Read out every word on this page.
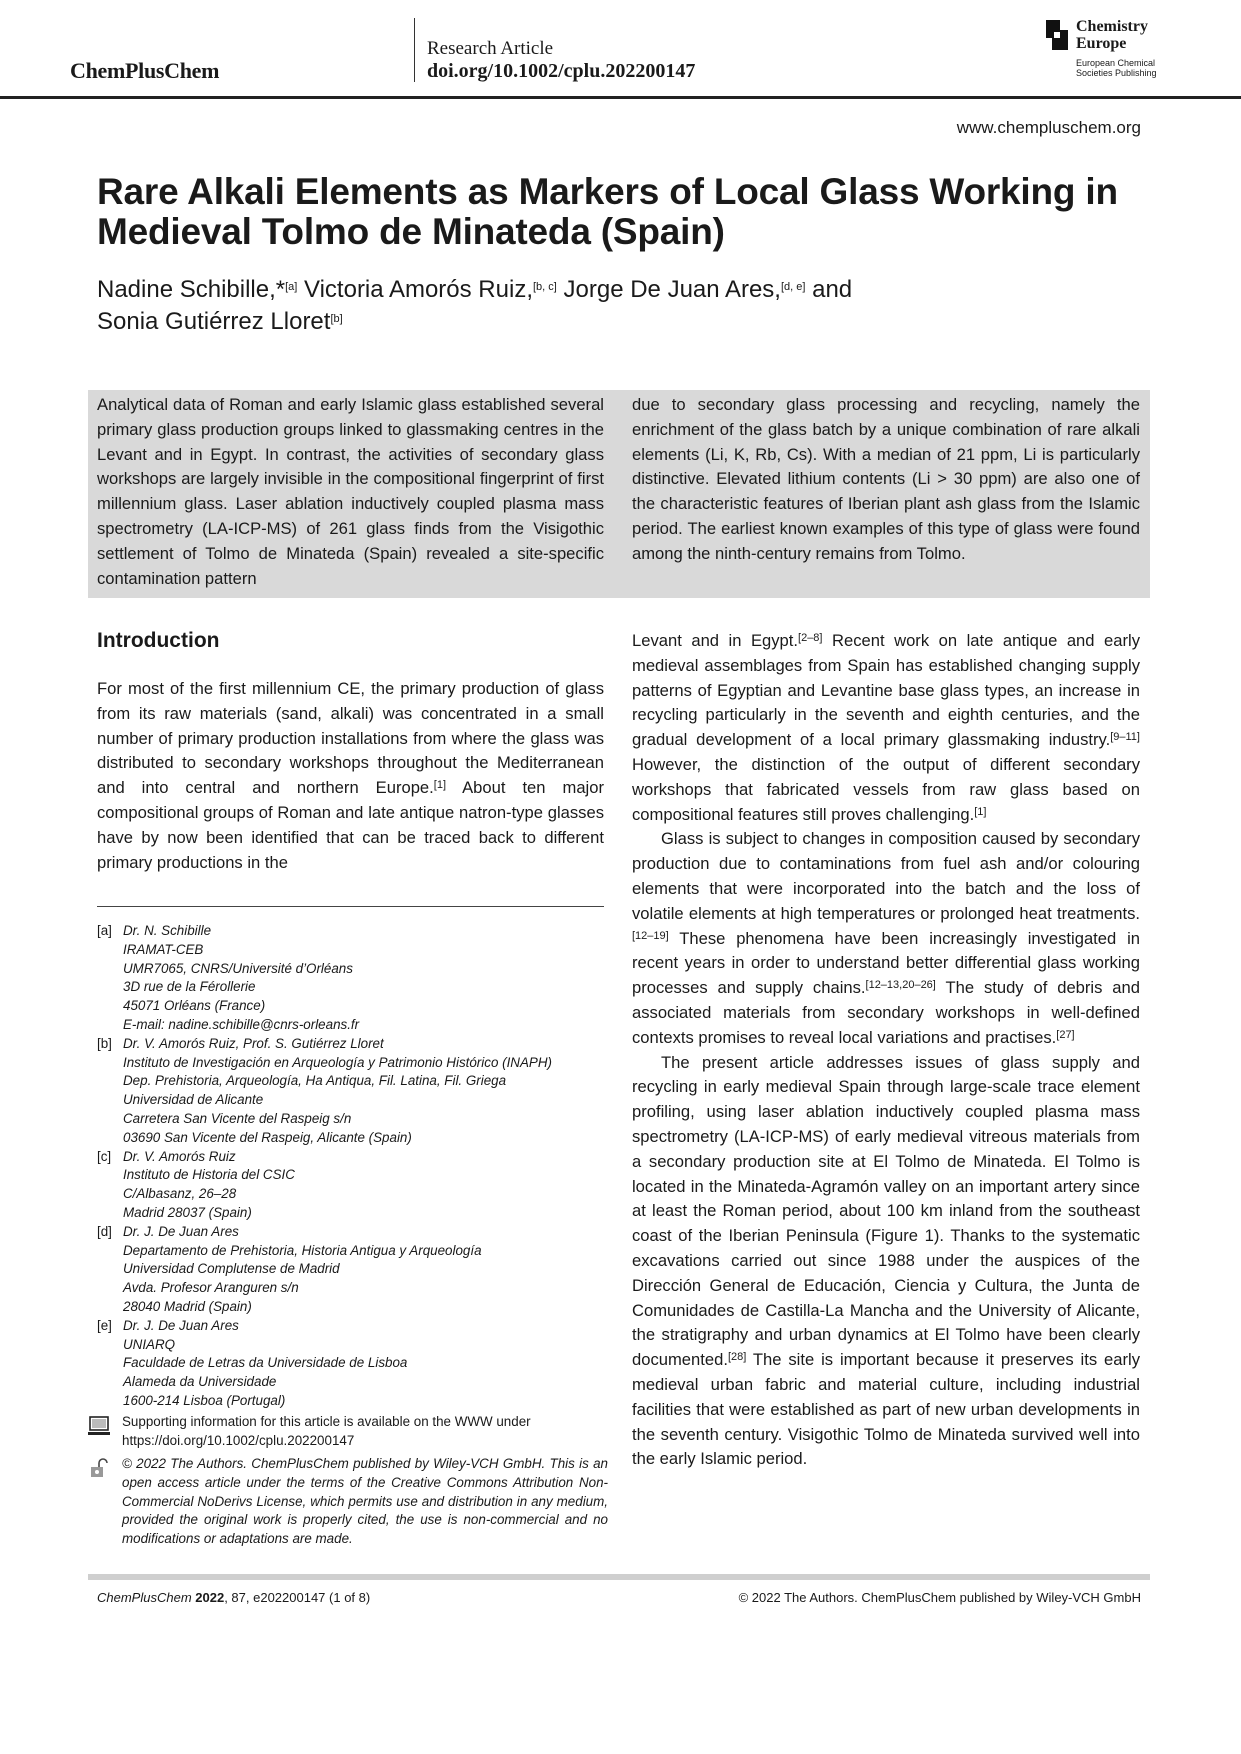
ChemPlusChem
Research Article
doi.org/10.1002/cplu.202200147
Chemistry
Europe
European Chemical
Societies Publishing
www.chempluschem.org
Rare Alkali Elements as Markers of Local Glass Working in Medieval Tolmo de Minateda (Spain)
Nadine Schibille,*[a] Victoria Amorós Ruiz,[b, c] Jorge De Juan Ares,[d, e] and
Sonia Gutiérrez Lloret[b]

Analytical data of Roman and early Islamic glass established several primary glass production groups linked to glassmaking centres in the Levant and in Egypt. In contrast, the activities of secondary glass workshops are largely invisible in the compositional fingerprint of first millennium glass. Laser ablation inductively coupled plasma mass spectrometry (LA-ICP-MS) of 261 glass finds from the Visigothic settlement of Tolmo de Minateda (Spain) revealed a site-specific contamination pattern

due to secondary glass processing and recycling, namely the enrichment of the glass batch by a unique combination of rare alkali elements (Li, K, Rb, Cs). With a median of 21 ppm, Li is particularly distinctive. Elevated lithium contents (Li > 30 ppm) are also one of the characteristic features of Iberian plant ash glass from the Islamic period. The earliest known examples of this type of glass were found among the ninth-century remains from Tolmo.

Introduction

For most of the first millennium CE, the primary production of glass from its raw materials (sand, alkali) was concentrated in a small number of primary production installations from where the glass was distributed to secondary workshops throughout the Mediterranean and into central and northern Europe.[1] About ten major compositional groups of Roman and late antique natron-type glasses have by now been identified that can be traced back to different primary productions in the

Levant and in Egypt.[2–8] Recent work on late antique and early medieval assemblages from Spain has established changing supply patterns of Egyptian and Levantine base glass types, an increase in recycling particularly in the seventh and eighth centuries, and the gradual development of a local primary glassmaking industry.[9–11] However, the distinction of the output of different secondary workshops that fabricated vessels from raw glass based on compositional features still proves challenging.[1]

Glass is subject to changes in composition caused by secondary production due to contaminations from fuel ash and/or colouring elements that were incorporated into the batch and the loss of volatile elements at high temperatures or prolonged heat treatments.[12–19] These phenomena have been increasingly investigated in recent years in order to understand better differential glass working processes and supply chains.[12–13,20–26] The study of debris and associated materials from secondary workshops in well-defined contexts promises to reveal local variations and practises.[27]

The present article addresses issues of glass supply and recycling in early medieval Spain through large-scale trace element profiling, using laser ablation inductively coupled plasma mass spectrometry (LA-ICP-MS) of early medieval vitreous materials from a secondary production site at El Tolmo de Minateda. El Tolmo is located in the Minateda-Agramón valley on an important artery since at least the Roman period, about 100 km inland from the southeast coast of the Iberian Peninsula (Figure 1). Thanks to the systematic excavations carried out since 1988 under the auspices of the Dirección General de Educación, Ciencia y Cultura, the Junta de Comunidades de Castilla-La Mancha and the University of Alicante, the stratigraphy and urban dynamics at El Tolmo have been clearly documented.[28] The site is important because it preserves its early medieval urban fabric and material culture, including industrial facilities that were established as part of new urban developments in the seventh century. Visigothic Tolmo de Minateda survived well into the early Islamic period.

[a] Dr. N. Schibille
IRAMAT-CEB
UMR7065, CNRS/Université d’Orléans
3D rue de la Férollerie
45071 Orléans (France)
E-mail: nadine.schibille@cnrs-orleans.fr
[b] Dr. V. Amorós Ruiz, Prof. S. Gutiérrez Lloret
Instituto de Investigación en Arqueología y Patrimonio Histórico (INAPH)
Dep. Prehistoria, Arqueología, Ha Antiqua, Fil. Latina, Fil. Griega
Universidad de Alicante
Carretera San Vicente del Raspeig s/n
03690 San Vicente del Raspeig, Alicante (Spain)
[c] Dr. V. Amorós Ruiz
Instituto de Historia del CSIC
C/Albasanz, 26–28
Madrid 28037 (Spain)
[d] Dr. J. De Juan Ares
Departamento de Prehistoria, Historia Antigua y Arqueología
Universidad Complutense de Madrid
Avda. Profesor Aranguren s/n
28040 Madrid (Spain)
[e] Dr. J. De Juan Ares
UNIARQ
Faculdade de Letras da Universidade de Lisboa
Alameda da Universidade
1600-214 Lisboa (Portugal)
Supporting information for this article is available on the WWW under https://doi.org/10.1002/cplu.202200147
© 2022 The Authors. ChemPlusChem published by Wiley-VCH GmbH. This is an open access article under the terms of the Creative Commons Attribution Non-Commercial NoDerivs License, which permits use and distribution in any medium, provided the original work is properly cited, the use is non-commercial and no modifications or adaptations are made.
ChemPlusChem 2022, 87, e202200147 (1 of 8)	© 2022 The Authors. ChemPlusChem published by Wiley-VCH GmbH
